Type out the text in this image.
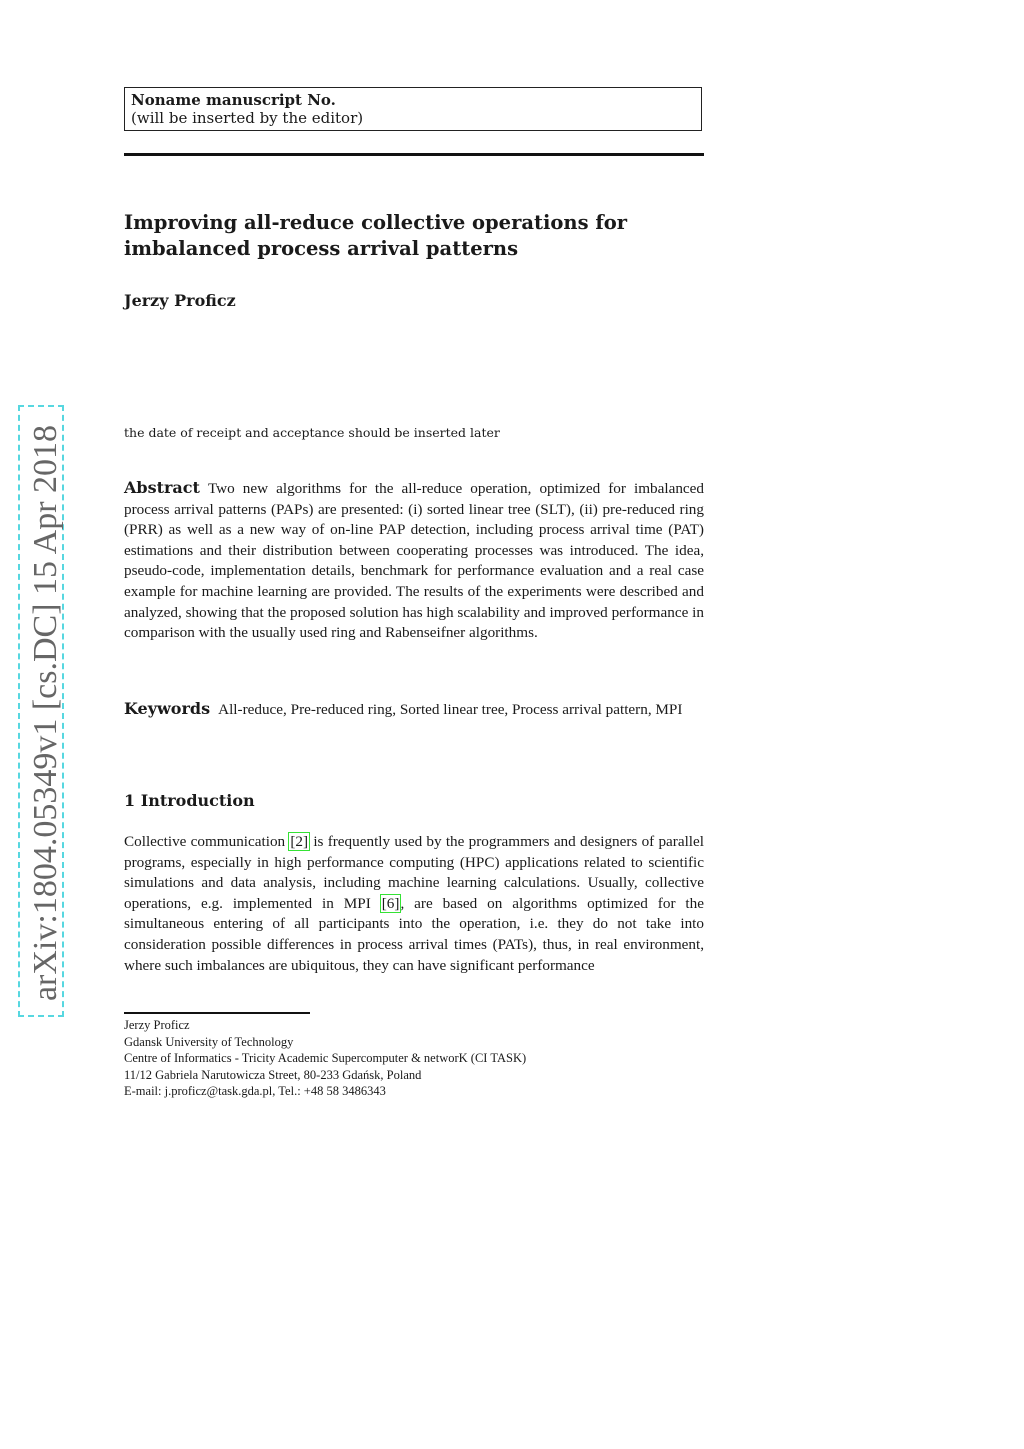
Noname manuscript No.
(will be inserted by the editor)
Improving all-reduce collective operations for imbalanced process arrival patterns
Jerzy Proficz
the date of receipt and acceptance should be inserted later
arXiv:1804.05349v1 [cs.DC] 15 Apr 2018	Abstract Two new algorithms for the all-reduce operation, optimized for imbalanced process arrival patterns (PAPs) are presented: (i) sorted linear tree (SLT), (ii) pre-reduced ring (PRR) as well as a new way of on-line PAP detection, including process arrival time (PAT) estimations and their distribution between cooperating processes was introduced. The idea, pseudo-code, implementation details, benchmark for performance evaluation and a real case example for machine learning are provided. The results of the experiments were described and analyzed, showing that the proposed solution has high scalability and improved performance in comparison with the usually used ring and Rabenseifner algorithms.
Keywords All-reduce, Pre-reduced ring, Sorted linear tree, Process arrival pattern, MPI
1 Introduction
Collective communication [2] is frequently used by the programmers and designers of parallel programs, especially in high performance computing (HPC) applications related to scientific simulations and data analysis, including machine learning calculations. Usually, collective operations, e.g. implemented in MPI [6], are based on algorithms optimized for the simultaneous entering of all participants into the operation, i.e. they do not take into consideration possible differences in process arrival times (PATs), thus, in real environment, where such imbalances are ubiquitous, they can have significant performance
Jerzy Proficz
Gdansk University of Technology
Centre of Informatics - Tricity Academic Supercomputer & networK (CI TASK)
11/12 Gabriela Narutowicza Street, 80-233 Gdańsk, Poland
E-mail: j.proficz@task.gda.pl, Tel.: +48 58 3486343
